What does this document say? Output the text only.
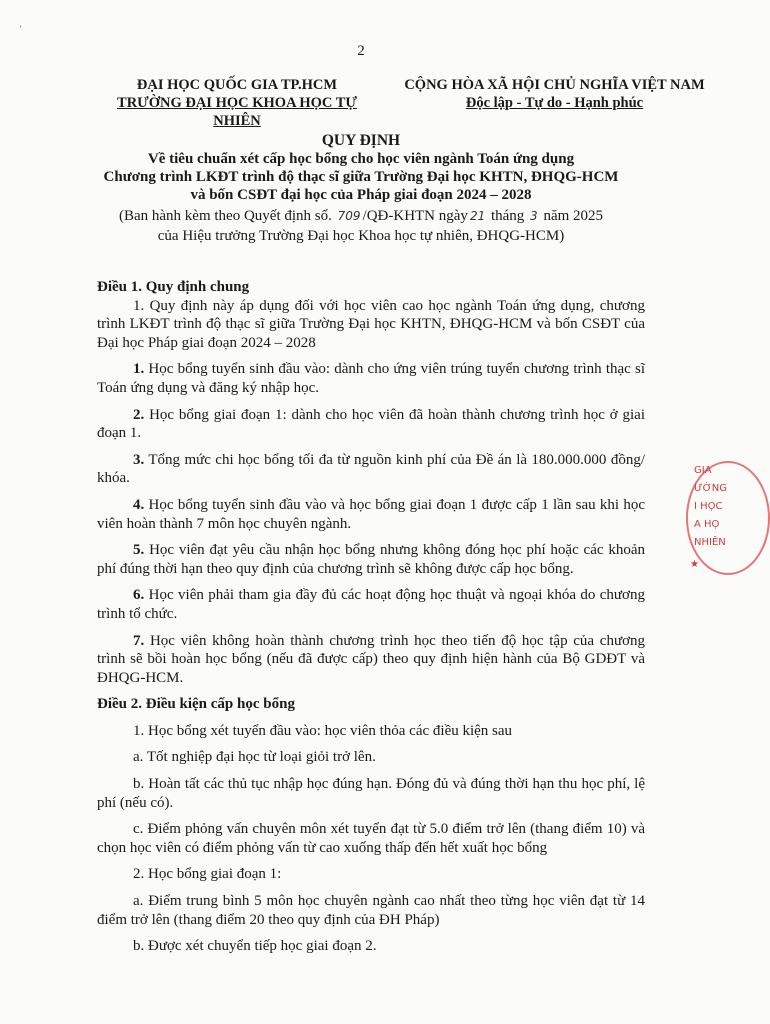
'
2
ĐẠI HỌC QUỐC GIA TP.HCM
TRƯỜNG ĐẠI HỌC KHOA HỌC TỰ NHIÊN
CỘNG HÒA XÃ HỘI CHỦ NGHĨA VIỆT NAM
Độc lập - Tự do - Hạnh phúc
QUY ĐỊNH
Về tiêu chuẩn xét cấp học bổng cho học viên ngành Toán ứng dụng
Chương trình LKĐT trình độ thạc sĩ giữa Trường Đại học KHTN, ĐHQG-HCM
và bốn CSĐT đại học của Pháp giai đoạn 2024 – 2028
(Ban hành kèm theo Quyết định số. 709 /QĐ-KHTN ngày 21 tháng 3 năm 2025
của Hiệu trưởng Trường Đại học Khoa học tự nhiên, ĐHQG-HCM)

Điều 1. Quy định chung

1. Quy định này áp dụng đối với học viên cao học ngành Toán ứng dụng, chương trình LKĐT trình độ thạc sĩ giữa Trường Đại học KHTN, ĐHQG-HCM và bốn CSĐT của Đại học Pháp giai đoạn 2024 – 2028

1. Học bổng tuyển sinh đầu vào: dành cho ứng viên trúng tuyển chương trình thạc sĩ Toán ứng dụng và đăng ký nhập học.

2. Học bổng giai đoạn 1: dành cho học viên đã hoàn thành chương trình học ở giai đoạn 1.

3. Tổng mức chi học bổng tối đa từ nguồn kinh phí của Đề án là 180.000.000 đồng/ khóa.

4. Học bổng tuyển sinh đầu vào và học bổng giai đoạn 1 được cấp 1 lần sau khi học viên hoàn thành 7 môn học chuyên ngành.

5. Học viên đạt yêu cầu nhận học bổng nhưng không đóng học phí hoặc các khoản phí đúng thời hạn theo quy định của chương trình sẽ không được cấp học bổng.

6. Học viên phải tham gia đầy đủ các hoạt động học thuật và ngoại khóa do chương trình tổ chức.

7. Học viên không hoàn thành chương trình học theo tiến độ học tập của chương trình sẽ bồi hoàn học bổng (nếu đã được cấp) theo quy định hiện hành của Bộ GDĐT và ĐHQG-HCM.

Điều 2. Điều kiện cấp học bổng

1. Học bổng xét tuyển đầu vào: học viên thỏa các điều kiện sau

a. Tốt nghiệp đại học từ loại giỏi trở lên.

b. Hoàn tất các thủ tục nhập học đúng hạn. Đóng đủ và đúng thời hạn thu học phí, lệ phí (nếu có).

c. Điểm phỏng vấn chuyên môn xét tuyển đạt từ 5.0 điểm trở lên (thang điểm 10) và chọn học viên có điểm phỏng vấn từ cao xuống thấp đến hết xuất học bổng

2. Học bổng giai đoạn 1:

a. Điểm trung bình 5 môn học chuyên ngành cao nhất theo từng học viên đạt từ 14 điểm trở lên (thang điểm 20 theo quy định của ĐH Pháp)

b. Được xét chuyển tiếp học giai đoạn 2.

GIA
ƯỜNG
I HỌC
A HỌ
NHIÊN
★
